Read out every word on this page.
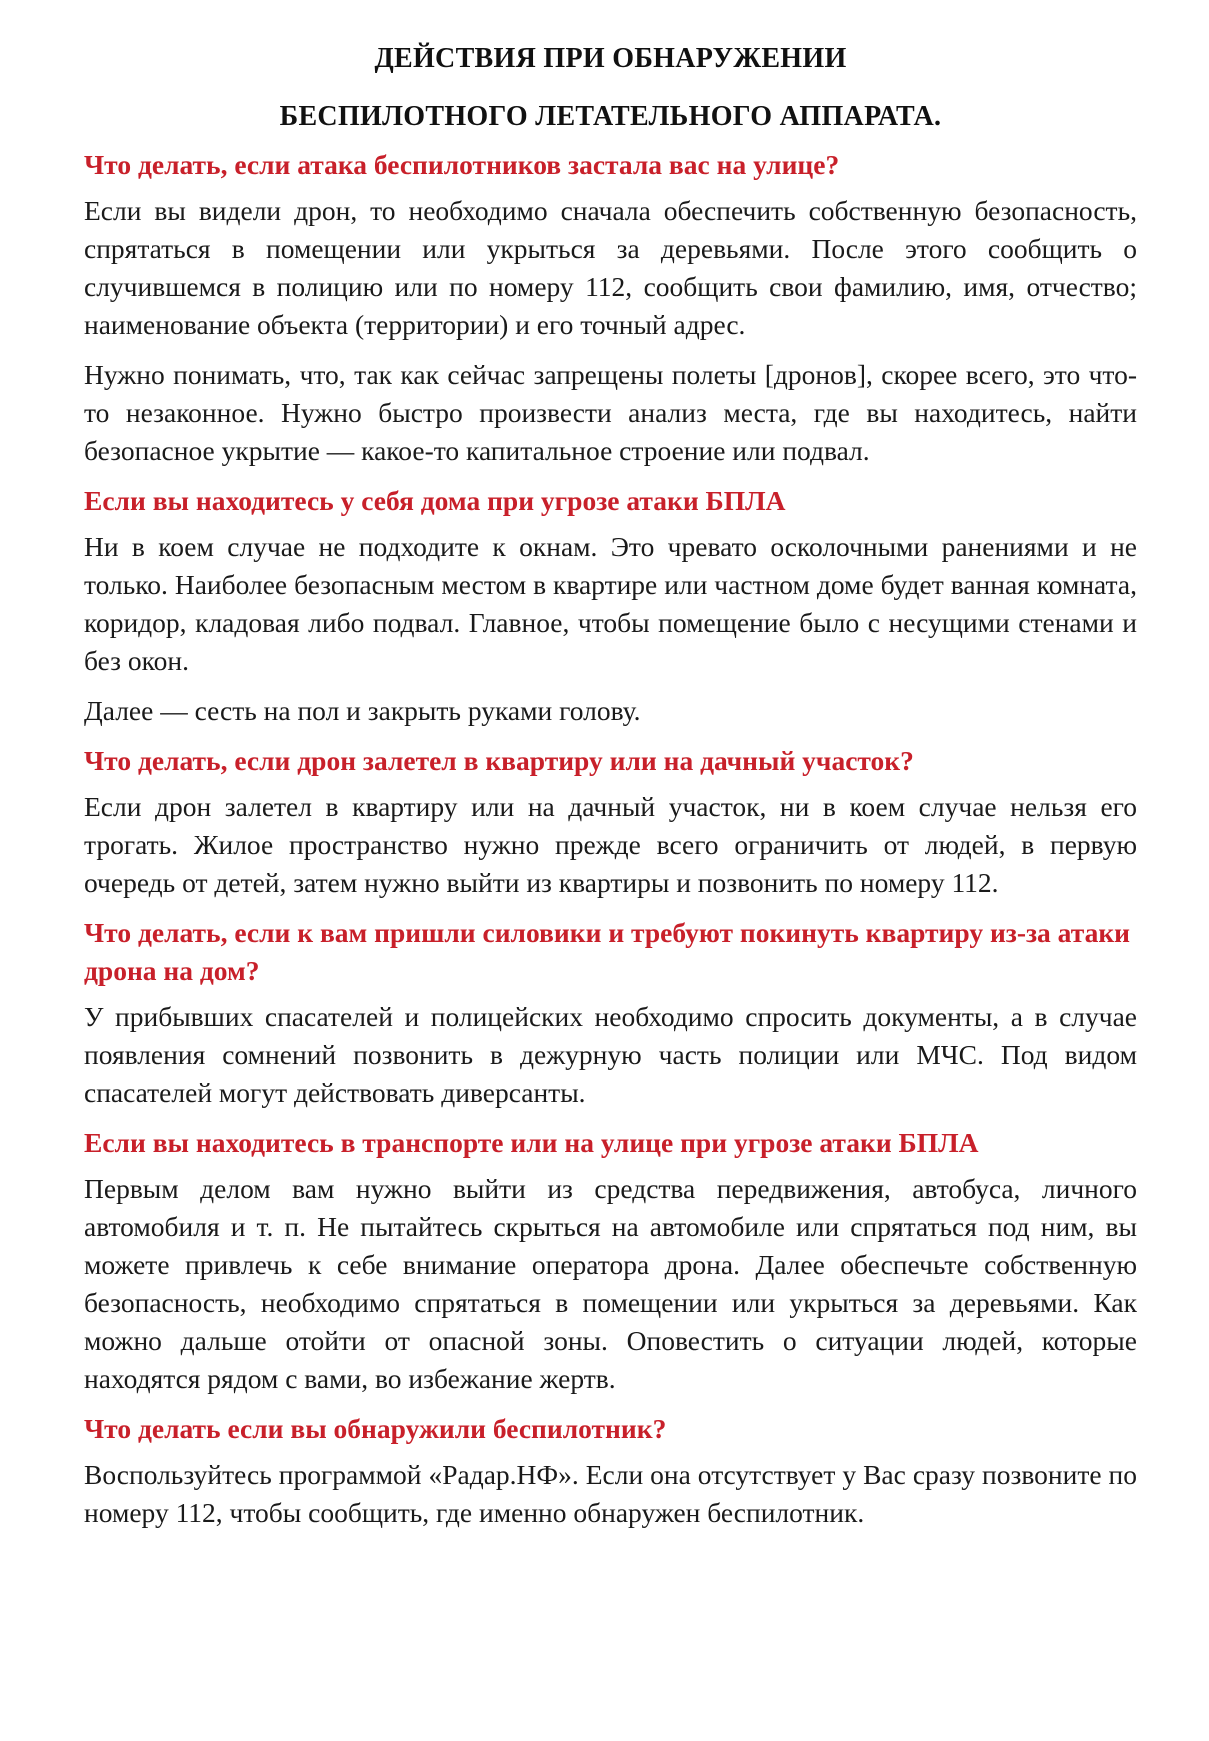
ДЕЙСТВИЯ ПРИ ОБНАРУЖЕНИИ
БЕСПИЛОТНОГО ЛЕТАТЕЛЬНОГО АППАРАТА.
Что делать, если атака беспилотников застала вас на улице?

Если вы видели дрон, то необходимо сначала обеспечить собственную безопасность, спрятаться в помещении или укрыться за деревьями. После этого сообщить о случившемся в полицию или по номеру 112, сообщить свои фамилию, имя, отчество; наименование объекта (территории) и его точный адрес.

Нужно понимать, что, так как сейчас запрещены полеты [дронов], скорее всего, это что-то незаконное. Нужно быстро произвести анализ места, где вы находитесь, найти безопасное укрытие — какое-то капитальное строение или подвал.

Если вы находитесь у себя дома при угрозе атаки БПЛА

Ни в коем случае не подходите к окнам. Это чревато осколочными ранениями и не только. Наиболее безопасным местом в квартире или частном доме будет ванная комната, коридор, кладовая либо подвал. Главное, чтобы помещение было с несущими стенами и без окон.

Далее — сесть на пол и закрыть руками голову.

Что делать, если дрон залетел в квартиру или на дачный участок?

Если дрон залетел в квартиру или на дачный участок, ни в коем случае нельзя его трогать. Жилое пространство нужно прежде всего ограничить от людей, в первую очередь от детей, затем нужно выйти из квартиры и позвонить по номеру 112.

Что делать, если к вам пришли силовики и требуют покинуть квартиру из-за атаки дрона на дом?

У прибывших спасателей и полицейских необходимо спросить документы, а в случае появления сомнений позвонить в дежурную часть полиции или МЧС. Под видом спасателей могут действовать диверсанты.

Если вы находитесь в транспорте или на улице при угрозе атаки БПЛА

Первым делом вам нужно выйти из средства передвижения, автобуса, личного автомобиля и т. п. Не пытайтесь скрыться на автомобиле или спрятаться под ним, вы можете привлечь к себе внимание оператора дрона. Далее обеспечьте собственную безопасность, необходимо спрятаться в помещении или укрыться за деревьями. Как можно дальше отойти от опасной зоны. Оповестить о ситуации людей, которые находятся рядом с вами, во избежание жертв.

Что делать если вы обнаружили беспилотник?

Воспользуйтесь программой «Радар.НФ». Если она отсутствует у Вас сразу позвоните по номеру 112, чтобы сообщить, где именно обнаружен беспилотник.
